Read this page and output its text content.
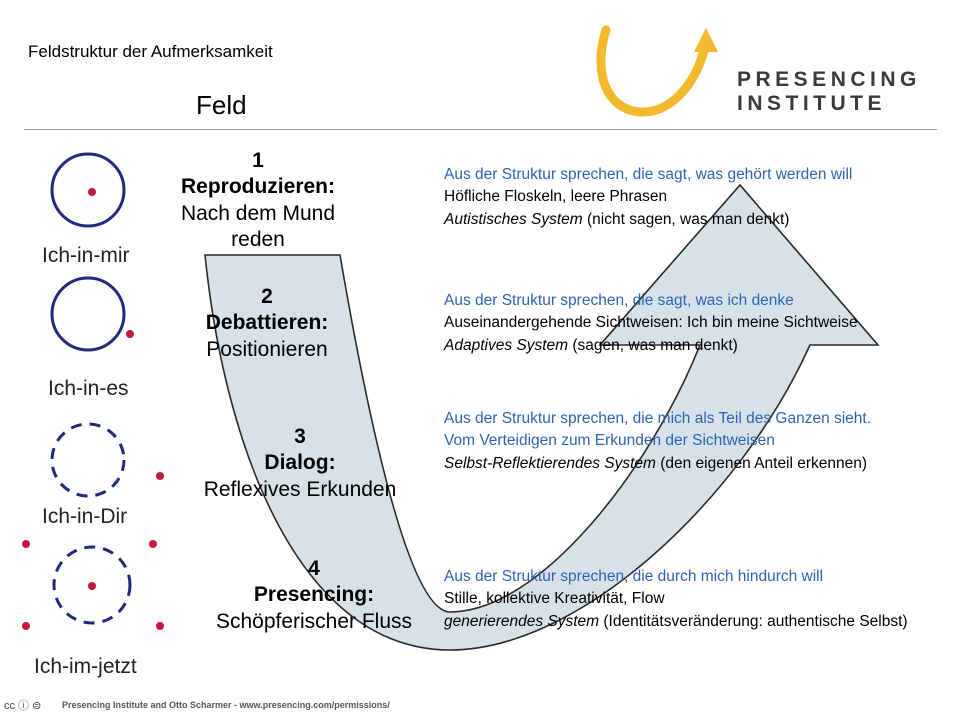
Feldstruktur der Aufmerksamkeit
Feld
PRESENCING
INSTITUTE
Ich-in-mir
Ich-in-es
Ich-in-Dir
Ich-im-jetzt
1
Reproduzieren:
Nach dem Mund
reden
2
Debattieren:
Positionieren
3
Dialog:
Reflexives Erkunden
4
Presencing:
Schöpferischer Fluss
Aus der Struktur sprechen, die sagt, was gehört werden will
Höfliche Floskeln, leere Phrasen
Autistisches System (nicht sagen, was man denkt)
Aus der Struktur sprechen, die sagt, was ich denke
Auseinandergehende Sichtweisen: Ich bin meine Sichtweise
Adaptives System (sagen, was man denkt)
Aus der Struktur sprechen, die mich als Teil des Ganzen sieht.
Vom Verteidigen zum Erkunden der Sichtweisen
Selbst-Reflektierendes System (den eigenen Anteil erkennen)
Aus der Struktur sprechen, die durch mich hindurch will
Stille, kollektive Kreativität, Flow
generierendes System (Identitätsveränderung: authentische Selbst)
cc ⓘ ⊜ Presencing Institute and Otto Scharmer - www.presencing.com/permissions/
